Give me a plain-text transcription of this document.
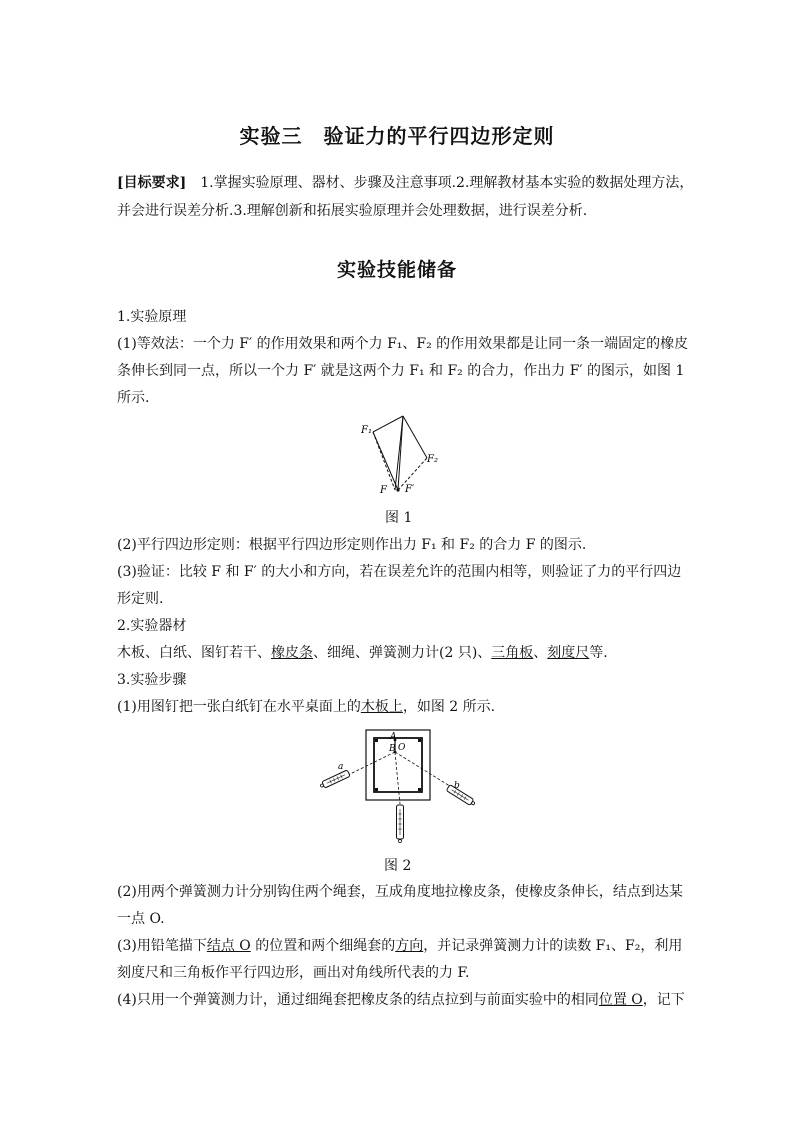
实验三　验证力的平行四边形定则
[目标要求]　1.掌握实验原理、器材、步骤及注意事项.2.理解教材基本实验的数据处理方法，
并会进行误差分析.3.理解创新和拓展实验原理并会处理数据，进行误差分析.
实验技能储备
1.实验原理
(1)等效法：一个力 F′ 的作用效果和两个力 F₁、F₂ 的作用效果都是让同一条一端固定的橡皮
条伸长到同一点，所以一个力 F′ 就是这两个力 F₁ 和 F₂ 的合力，作出力 F′ 的图示，如图 1
所示.
F₁
F₂
F F′
图 1
(2)平行四边形定则：根据平行四边形定则作出力 F₁ 和 F₂ 的合力 F 的图示.
(3)验证：比较 F 和 F′ 的大小和方向，若在误差允许的范围内相等，则验证了力的平行四边
形定则.
2.实验器材
木板、白纸、图钉若干、橡皮条、细绳、弹簧测力计(2 只)、三角板、刻度尺等.
3.实验步骤
(1)用图钉把一张白纸钉在水平桌面上的木板上，如图 2 所示.
A
B O
a
b
图 2
(2)用两个弹簧测力计分别钩住两个绳套，互成角度地拉橡皮条，使橡皮条伸长，结点到达某
一点 O.
(3)用铅笔描下结点 O 的位置和两个细绳套的方向，并记录弹簧测力计的读数 F₁、F₂，利用
刻度尺和三角板作平行四边形，画出对角线所代表的力 F.
(4)只用一个弹簧测力计，通过细绳套把橡皮条的结点拉到与前面实验中的相同位置 O，记下
